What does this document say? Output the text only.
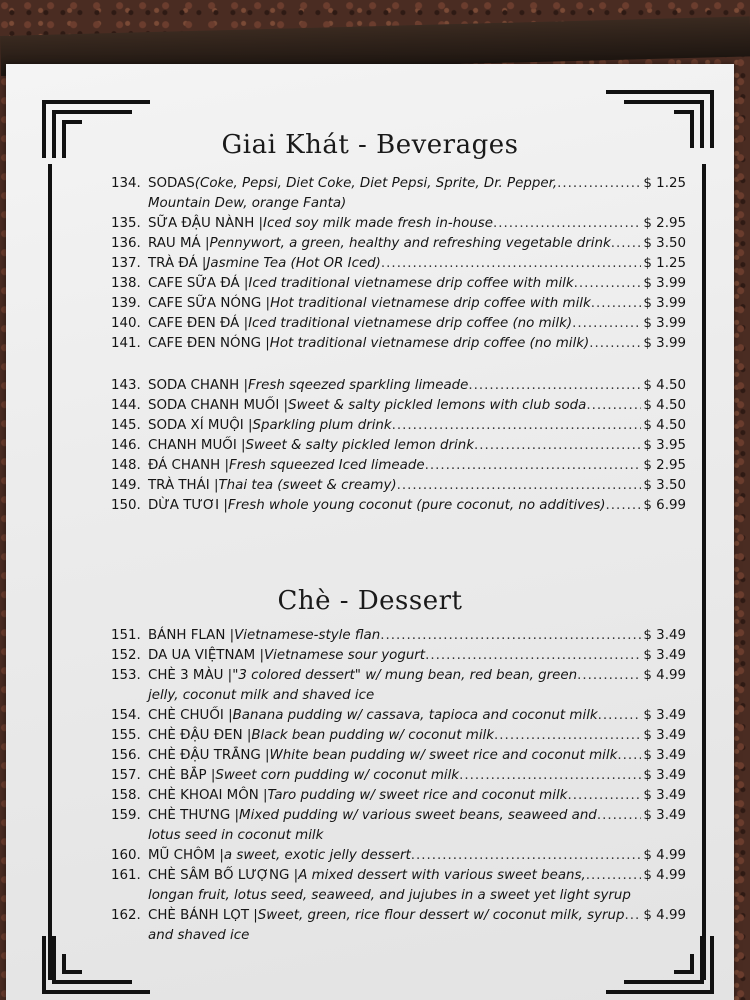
Giai Khát - Beverages
134. SODAS (Coke, Pepsi, Diet Coke, Diet Pepsi, Sprite, Dr. Pepper, .....	$ 1.25
Mountain Dew, orange Fanta)
135. SỮA ĐẬU NÀNH | Iced soy milk made fresh in-house .....	$ 2.95
136. RAU MÁ | Pennywort, a green, healthy and refreshing vegetable drink ..... $ 3.50
137. TRÀ ĐÁ | Jasmine Tea (Hot OR Iced) .....	$ 1.25
138. CAFE SỮA ĐÁ | Iced traditional vietnamese drip coffee with milk .....	$ 3.99
139. CAFE SỮA NÓNG | Hot traditional vietnamese drip coffee with milk .....	$ 3.99
140. CAFE ĐEN ĐÁ | Iced traditional vietnamese drip coffee (no milk) .....	$ 3.99
141. CAFE ĐEN NÓNG | Hot traditional vietnamese drip coffee (no milk) .....	$ 3.99
143. SODA CHANH | Fresh sqeezed sparkling limeade .....	$ 4.50
144. SODA CHANH MUỐI | Sweet & salty pickled lemons with club soda .....	$ 4.50
145. SODA XÍ MUỘI | Sparkling plum drink .....	$ 4.50
146. CHANH MUỐI | Sweet & salty pickled lemon drink .....	$ 3.95
148. ĐÁ CHANH | Fresh squeezed Iced limeade .....	$ 2.95
149. TRÀ THÁI | Thai tea (sweet & creamy) .....	$ 3.50
150. DỪA TƯƠI | Fresh whole young coconut (pure coconut, no additives) .....	$ 6.99
Chè - Dessert
151. BÁNH FLAN | Vietnamese-style flan .....	$ 3.49
152. DA UA VIỆTNAM | Vietnamese sour yogurt .....	$ 3.49
153. CHÈ 3 MÀU | "3 colored dessert" w/ mung bean, red bean, green .....	$ 4.99
jelly, coconut milk and shaved ice
154. CHÈ CHUỐI | Banana pudding w/ cassava, tapioca and coconut milk .....	$ 3.49
155. CHÈ ĐẬU ĐEN | Black bean pudding w/ coconut milk .....	$ 3.49
156. CHÈ ĐẬU TRẮNG | White bean pudding w/ sweet rice and coconut milk ..... $ 3.49
157. CHÈ BẮP | Sweet corn pudding w/ coconut milk .....	$ 3.49
158. CHÈ KHOAI MÔN | Taro pudding w/ sweet rice and coconut milk .....	$ 3.49
159. CHÈ THƯNG | Mixed pudding w/ various sweet beans, seaweed and .....	$ 3.49
lotus seed in coconut milk
160. MŨ CHÔM | a sweet, exotic jelly dessert .....	$ 4.99
161. CHÈ SÂM BỔ LƯỢNG | A mixed dessert with various sweet beans, .....	$ 4.99
longan fruit, lotus seed, seaweed, and jujubes in a sweet yet light syrup
162. CHÈ BÁNH LỌT | Sweet, green, rice flour dessert w/ coconut milk, syrup ..... $ 4.99
and shaved ice
